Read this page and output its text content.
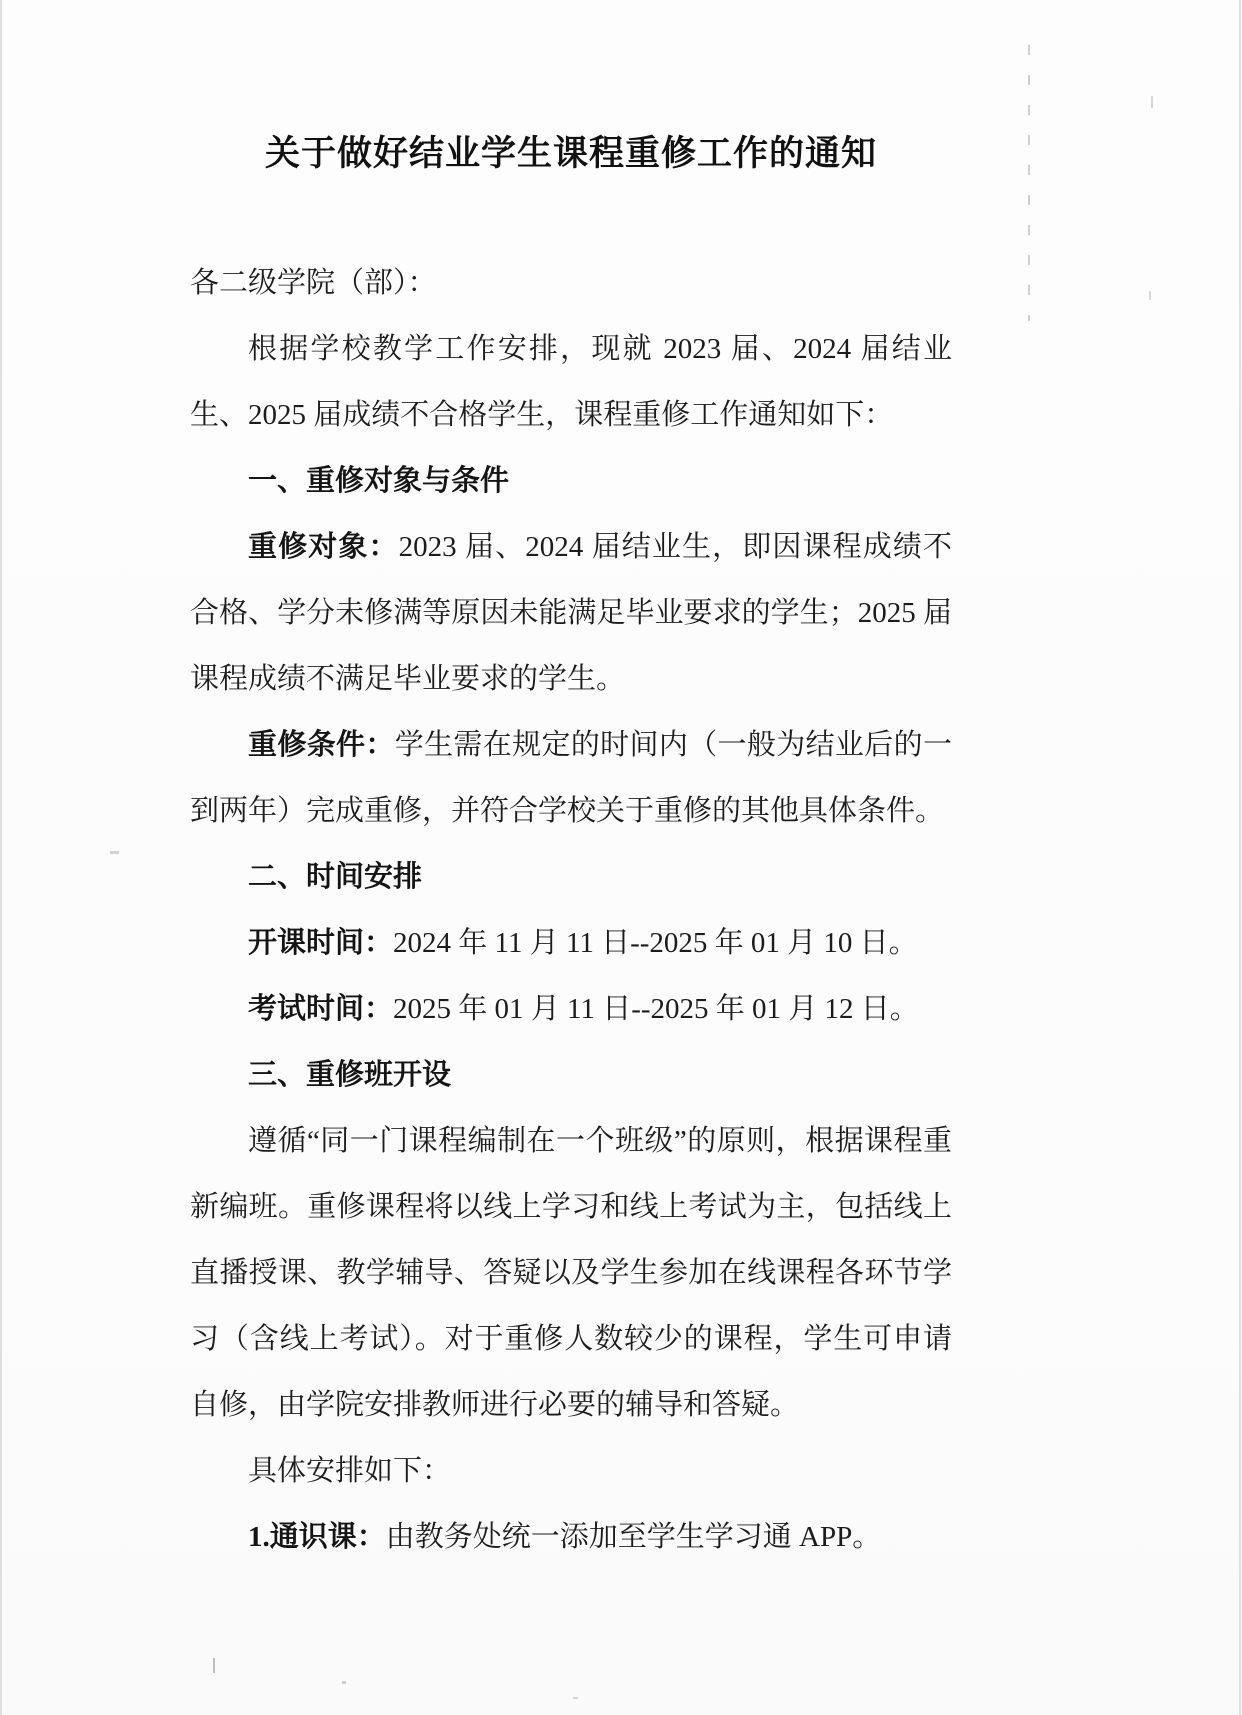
关于做好结业学生课程重修工作的通知

各二级学院（部）：

根据学校教学工作安排，现就 2023 届、2024 届结业生、2025 届成绩不合格学生，课程重修工作通知如下：

一、重修对象与条件

重修对象：2023 届、2024 届结业生，即因课程成绩不合格、学分未修满等原因未能满足毕业要求的学生；2025 届课程成绩不满足毕业要求的学生。

重修条件：学生需在规定的时间内（一般为结业后的一到两年）完成重修，并符合学校关于重修的其他具体条件。

二、时间安排

开课时间：2024 年 11 月 11 日--2025 年 01 月 10 日。

考试时间：2025 年 01 月 11 日--2025 年 01 月 12 日。

三、重修班开设

遵循“同一门课程编制在一个班级”的原则，根据课程重新编班。重修课程将以线上学习和线上考试为主，包括线上直播授课、教学辅导、答疑以及学生参加在线课程各环节学习（含线上考试）。对于重修人数较少的课程，学生可申请自修，由学院安排教师进行必要的辅导和答疑。

具体安排如下：

1.通识课：由教务处统一添加至学生学习通 APP。
